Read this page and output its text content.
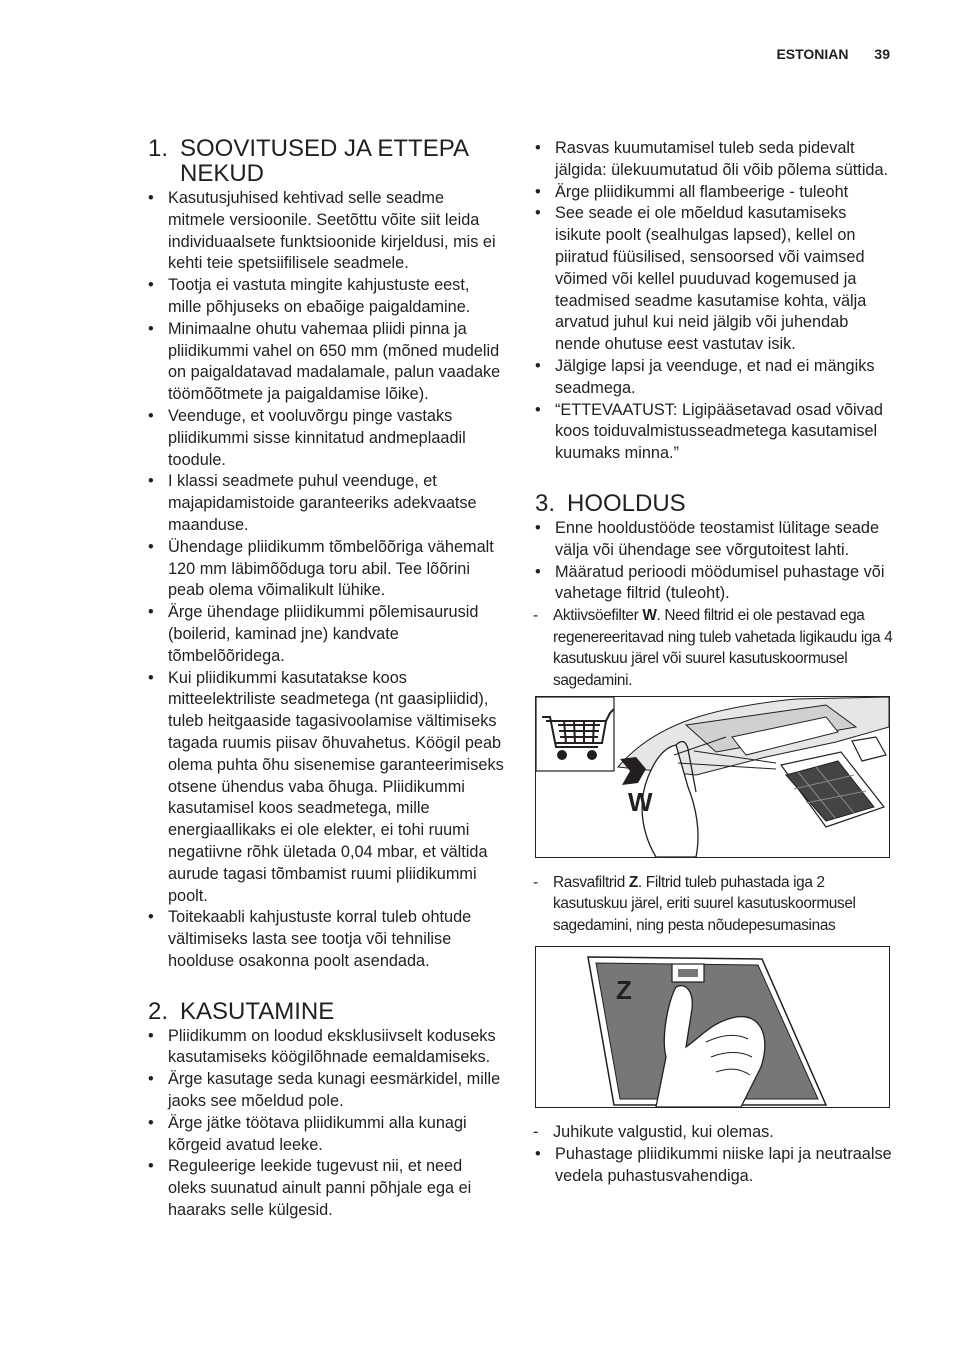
ESTONIAN 39
1. SOOVITUSED JA ETTEPA NEKUD
• Kasutusjuhised kehtivad selle seadme mitmele versioonile. Seetõttu võite siit leida individuaalsete funktsioonide kirjeldusi, mis ei kehti teie spetsiifilisele seadmele.
• Tootja ei vastuta mingite kahjustuste eest, mille põhjuseks on ebaõige paigaldamine.
• Minimaalne ohutu vahemaa pliidi pinna ja pliidikummi vahel on 650 mm (mõned mudelid on paigaldatavad madalamale, palun vaadake töömõõtmete ja paigaldamise lõike).
• Veenduge, et vooluvõrgu pinge vastaks pliidikummi sisse kinnitatud andmeplaadil toodule.
• I klassi seadmete puhul veenduge, et majapidamistoide garanteeriks adekvaatse maanduse.
• Ühendage pliidikumm tõmbelõõriga vähemalt 120 mm läbimõõduga toru abil. Tee lõõrini peab olema võimalikult lühike.
• Ärge ühendage pliidikummi põlemisaurusid (boilerid, kaminad jne) kandvate tõmbelõõridega.
• Kui pliidikummi kasutatakse koos mitteelektriliste seadmetega (nt gaasipliidid), tuleb heitgaaside tagasivoolamise vältimiseks tagada ruumis piisav õhuvahetus. Köögil peab olema puhta õhu sisenemise garanteerimiseks otsene ühendus vaba õhuga. Pliidikummi kasutamisel koos seadmetega, mille energiaallikaks ei ole elekter, ei tohi ruumi negatiivne rõhk ületada 0,04 mbar, et vältida aurude tagasi tõmbamist ruumi pliidikummi poolt.
• Toitekaabli kahjustuste korral tuleb ohtude vältimiseks lasta see tootja või tehnilise hoolduse osakonna poolt asendada.
2. KASUTAMINE
• Pliidikumm on loodud eksklusiivselt koduseks kasutamiseks köögilõhnade eemaldamiseks.
• Ärge kasutage seda kunagi eesmärkidel, mille jaoks see mõeldud pole.
• Ärge jätke töötava pliidikummi alla kunagi kõrgeid avatud leeke.
• Reguleerige leekide tugevust nii, et need oleks suunatud ainult panni põhjale ega ei haaraks selle külgesid.
• Rasvas kuumutamisel tuleb seda pidevalt jälgida: ülekuumutatud õli võib põlema süttida.
• Ärge pliidikummi all flambeerige - tuleoht
• See seade ei ole mõeldud kasutamiseks isikute poolt (sealhulgas lapsed), kellel on piiratud füüsilised, sensoorsed või vaimsed võimed või kellel puuduvad kogemused ja teadmised seadme kasutamise kohta, välja arvatud juhul kui neid jälgib või juhendab nende ohutuse eest vastutav isik.
• Jälgige lapsi ja veenduge, et nad ei mängiks seadmega.
• “ETTEVAATUST: Ligipääsetavad osad võivad koos toiduvalmistusseadmetega kasutamisel kuumaks minna.”
3. HOOLDUS
• Enne hooldustööde teostamist lülitage seade välja või ühendage see võrgutoitest lahti.
• Määratud perioodi möödumisel puhastage või vahetage filtrid (tuleoht).
- Aktiivsöefilter W. Need filtrid ei ole pestavad ega regenereeritavad ning tuleb vahetada ligikaudu iga 4 kasutuskuu järel või suurel kasutuskoormusel sagedamini.
W
- Rasvafiltrid Z. Filtrid tuleb puhastada iga 2 kasutuskuu järel, eriti suurel kasutuskoormusel sagedamini, ning pesta nõudepesumasinas
Z
- Juhikute valgustid, kui olemas.
• Puhastage pliidikummi niiske lapi ja neutraalse vedela puhastusvahendiga.
